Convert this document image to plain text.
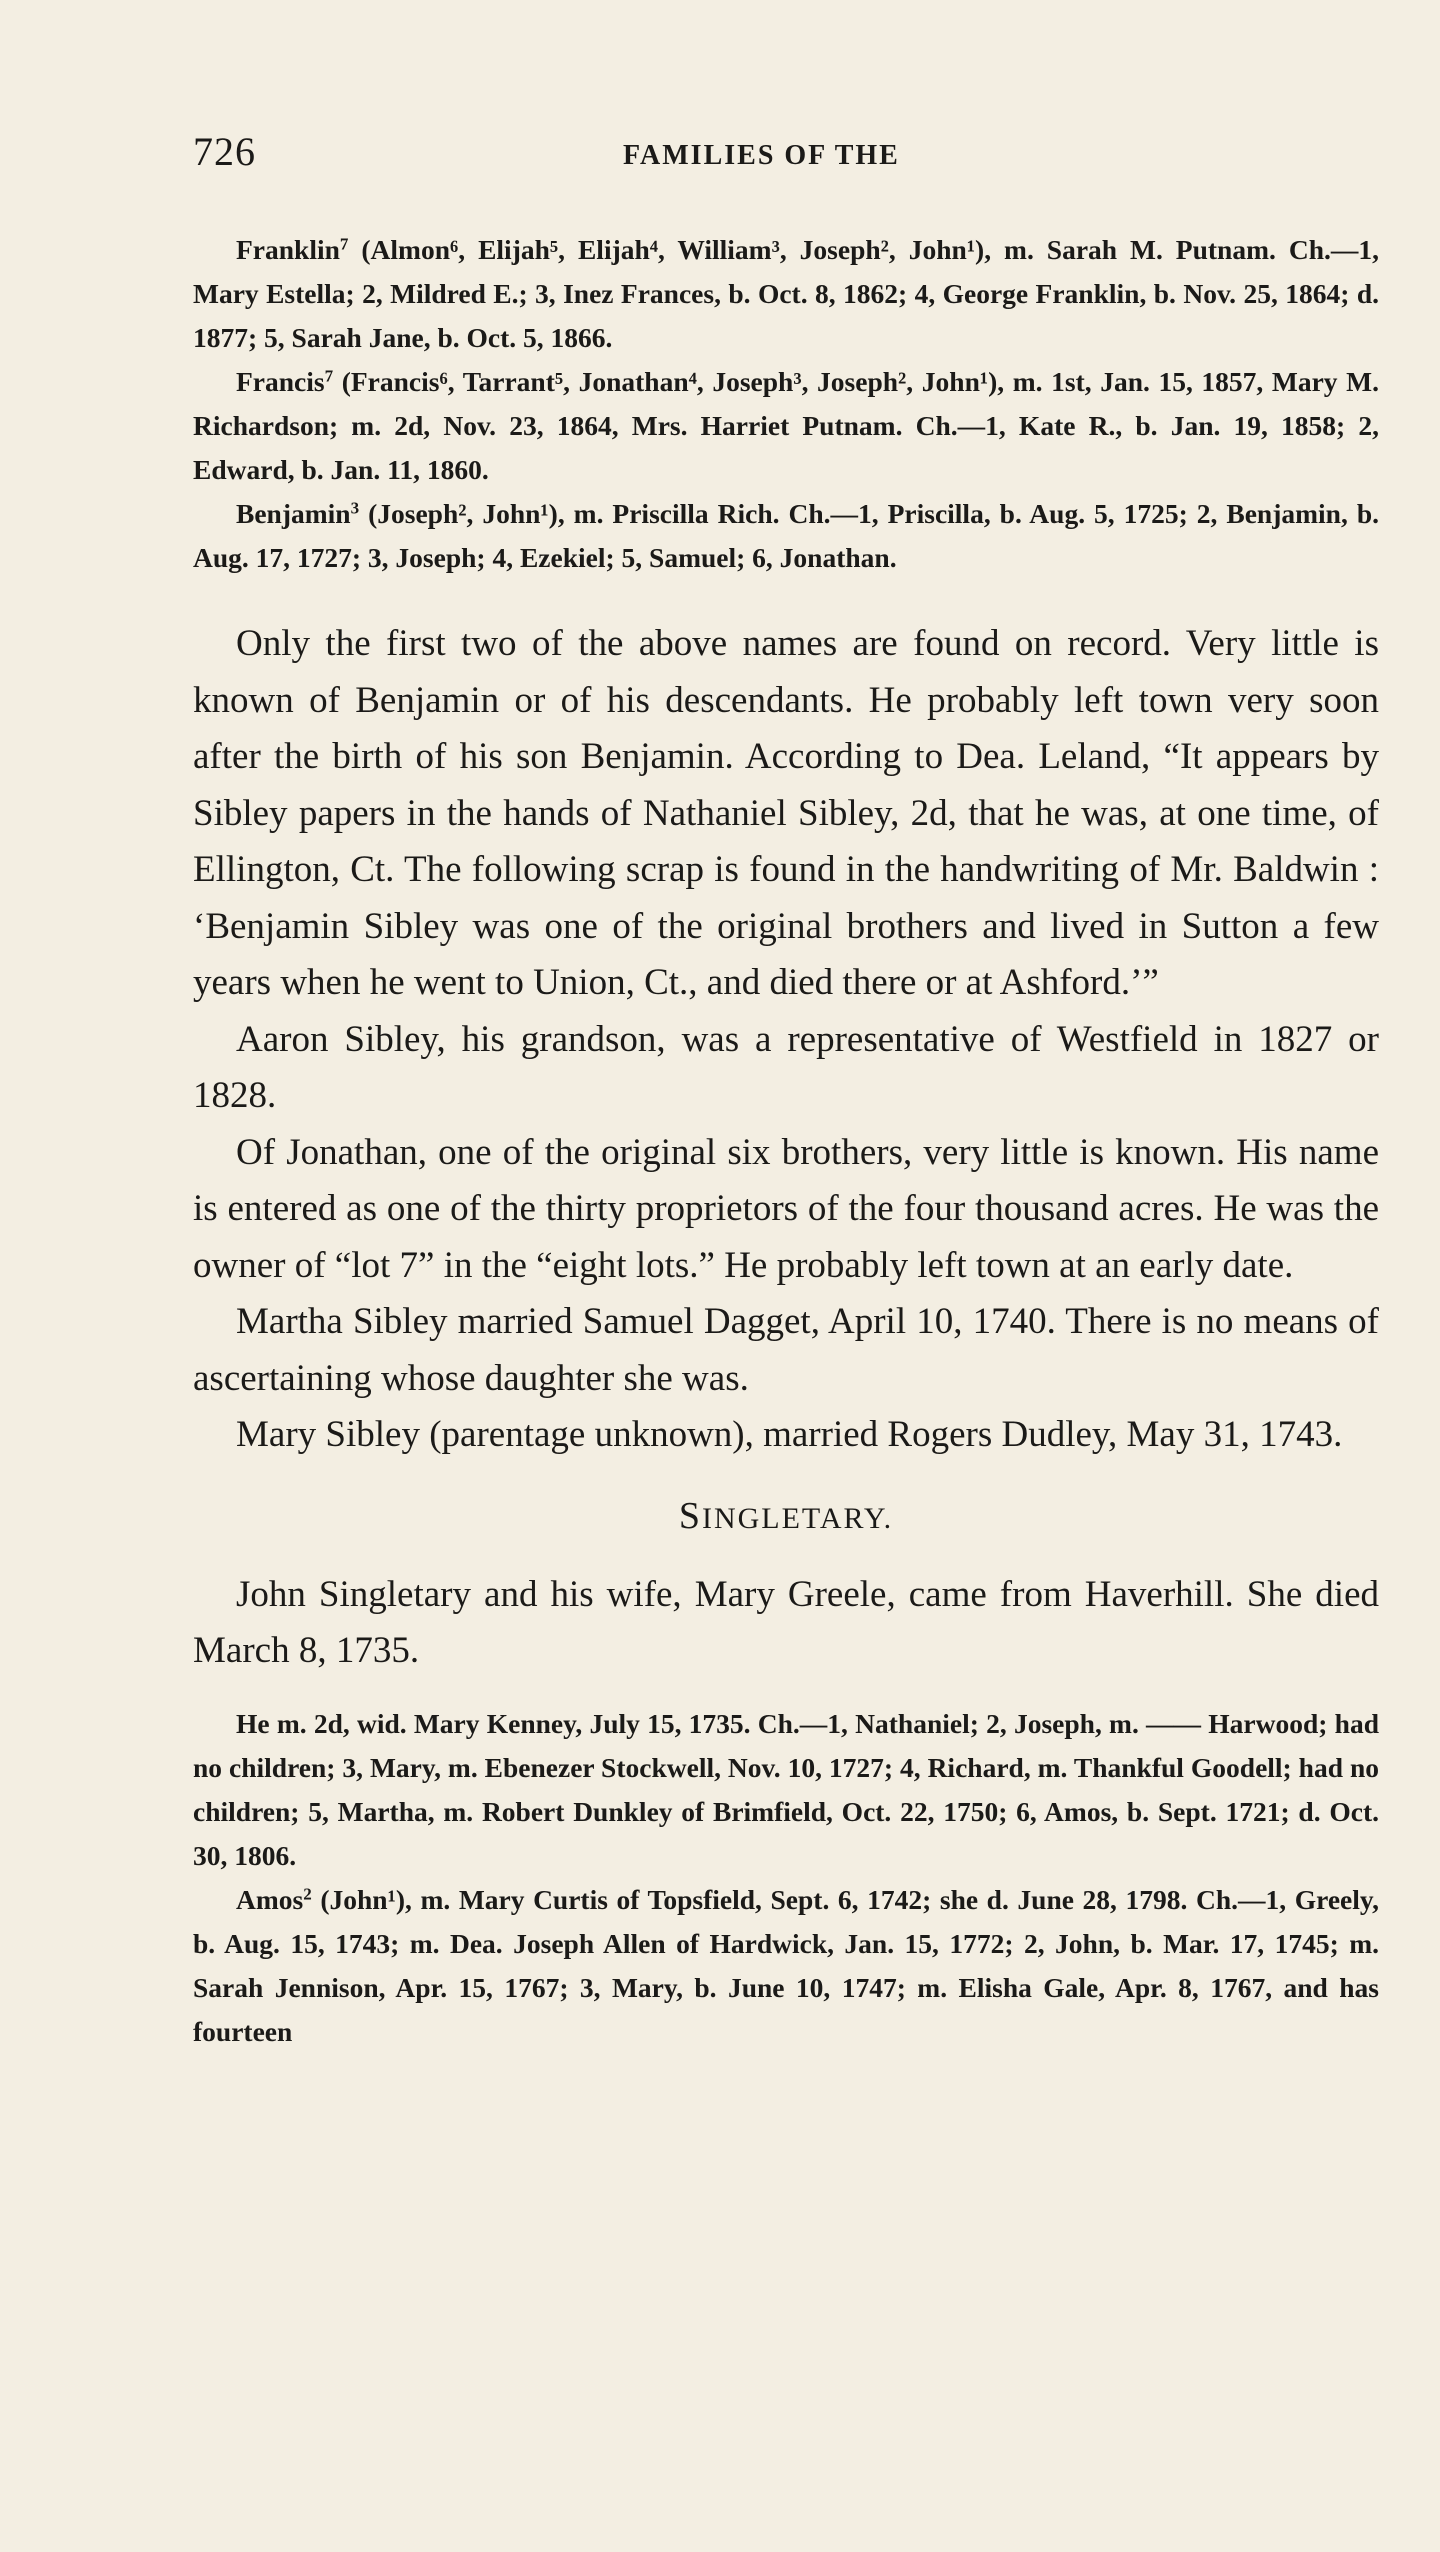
726	FAMILIES OF THE

Franklin$^7$ (Almon⁶, Elijah⁵, Elijah⁴, William³, Joseph², John¹), m. Sarah M. Putnam. Ch.—1, Mary Estella; 2, Mildred E.; 3, Inez Frances, b. Oct. 8, 1862; 4, George Franklin, b. Nov. 25, 1864; d. 1877; 5, Sarah Jane, b. Oct. 5, 1866.

Francis$^7$ (Francis⁶, Tarrant⁵, Jonathan⁴, Joseph³, Joseph², John¹), m. 1st, Jan. 15, 1857, Mary M. Richardson; m. 2d, Nov. 23, 1864, Mrs. Harriet Putnam. Ch.—1, Kate R., b. Jan. 19, 1858; 2, Edward, b. Jan. 11, 1860.

Benjamin$^3$ (Joseph², John¹), m. Priscilla Rich. Ch.—1, Priscilla, b. Aug. 5, 1725; 2, Benjamin, b. Aug. 17, 1727; 3, Joseph; 4, Ezekiel; 5, Samuel; 6, Jonathan.

Only the first two of the above names are found on record. Very little is known of Benjamin or of his descendants. He probably left town very soon after the birth of his son Benjamin. According to Dea. Leland, “It appears by Sibley papers in the hands of Nathaniel Sibley, 2d, that he was, at one time, of Ellington, Ct. The following scrap is found in the handwriting of Mr. Baldwin : ‘Benjamin Sibley was one of the original brothers and lived in Sutton a few years when he went to Union, Ct., and died there or at Ashford.’”

Aaron Sibley, his grandson, was a representative of Westfield in 1827 or 1828.

Of Jonathan, one of the original six brothers, very little is known. His name is entered as one of the thirty proprietors of the four thousand acres. He was the owner of “lot 7” in the “eight lots.” He probably left town at an early date.

Martha Sibley married Samuel Dagget, April 10, 1740. There is no means of ascertaining whose daughter she was.

Mary Sibley (parentage unknown), married Rogers Dudley, May 31, 1743.

SINGLETARY.

John Singletary and his wife, Mary Greele, came from Haverhill. She died March 8, 1735.

He m. 2d, wid. Mary Kenney, July 15, 1735. Ch.—1, Nathaniel; 2, Joseph, m. —— Harwood; had no children; 3, Mary, m. Ebenezer Stockwell, Nov. 10, 1727; 4, Richard, m. Thankful Goodell; had no children; 5, Martha, m. Robert Dunkley of Brimfield, Oct. 22, 1750; 6, Amos, b. Sept. 1721; d. Oct. 30, 1806.

Amos$^2$ (John¹), m. Mary Curtis of Topsfield, Sept. 6, 1742; she d. June 28, 1798. Ch.—1, Greely, b. Aug. 15, 1743; m. Dea. Joseph Allen of Hardwick, Jan. 15, 1772; 2, John, b. Mar. 17, 1745; m. Sarah Jennison, Apr. 15, 1767; 3, Mary, b. June 10, 1747; m. Elisha Gale, Apr. 8, 1767, and has fourteen
